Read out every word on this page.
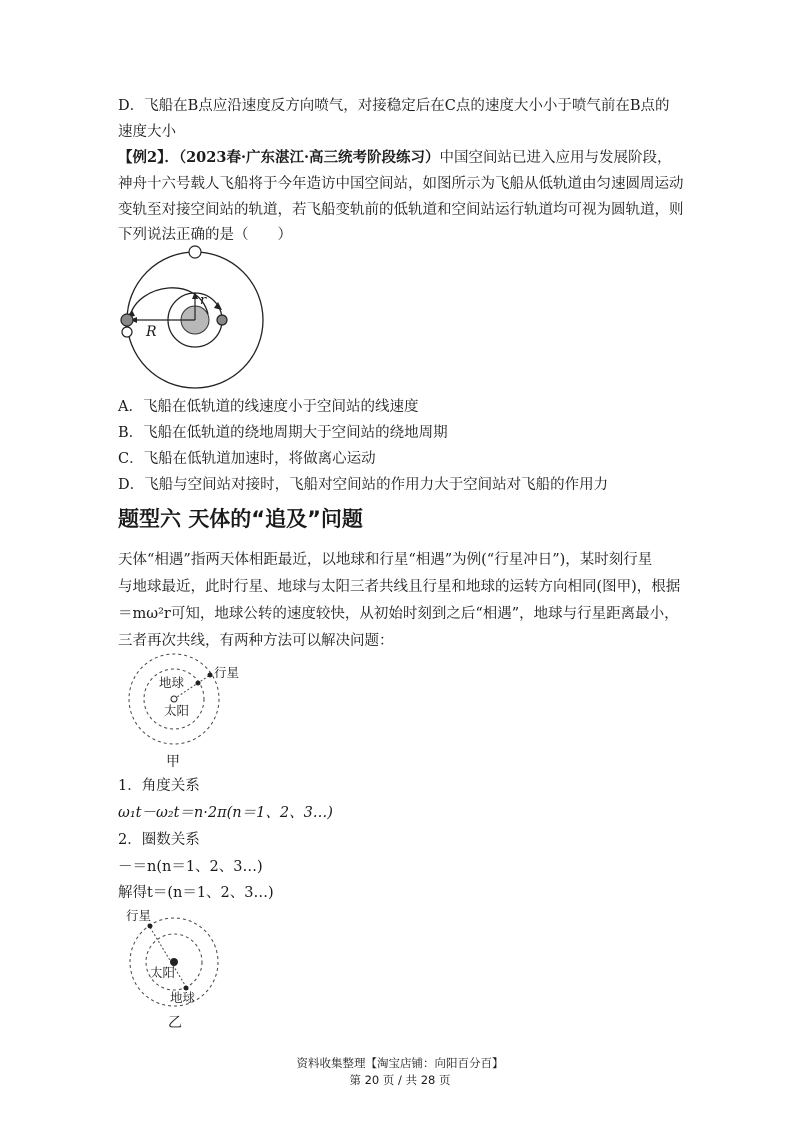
D．飞船在B点应沿速度反方向喷气，对接稳定后在C点的速度大小小于喷气前在B点的
速度大小
【例2】．（2023春·广东湛江·高三统考阶段练习）中国空间站已进入应用与发展阶段，
神舟十六号载人飞船将于今年造访中国空间站，如图所示为飞船从低轨道由匀速圆周运动
变轨至对接空间站的轨道，若飞船变轨前的低轨道和空间站运行轨道均可视为圆轨道，则
下列说法正确的是（　　）
r
R
A．飞船在低轨道的线速度小于空间站的线速度
B．飞船在低轨道的绕地周期大于空间站的绕地周期
C．飞船在低轨道加速时，将做离心运动
D．飞船与空间站对接时，飞船对空间站的作用力大于空间站对飞船的作用力
题型六 天体的“追及”问题
天体“相遇”指两天体相距最近，以地球和行星“相遇”为例(“行星冲日”)，某时刻行星
与地球最近，此时行星、地球与太阳三者共线且行星和地球的运转方向相同(图甲)，根据
＝mω²r可知，地球公转的速度较快，从初始时刻到之后“相遇”，地球与行星距离最小，
三者再次共线，有两种方法可以解决问题：
地球
行星
太阳
甲
1．角度关系
ω₁t－ω₂t＝n·2π(n＝1、2、3…)
2．圈数关系
－＝n(n＝1、2、3…)
解得t＝(n＝1、2、3…)
行星
太阳
地球
乙
资料收集整理【淘宝店铺：向阳百分百】
第 20 页 / 共 28 页
